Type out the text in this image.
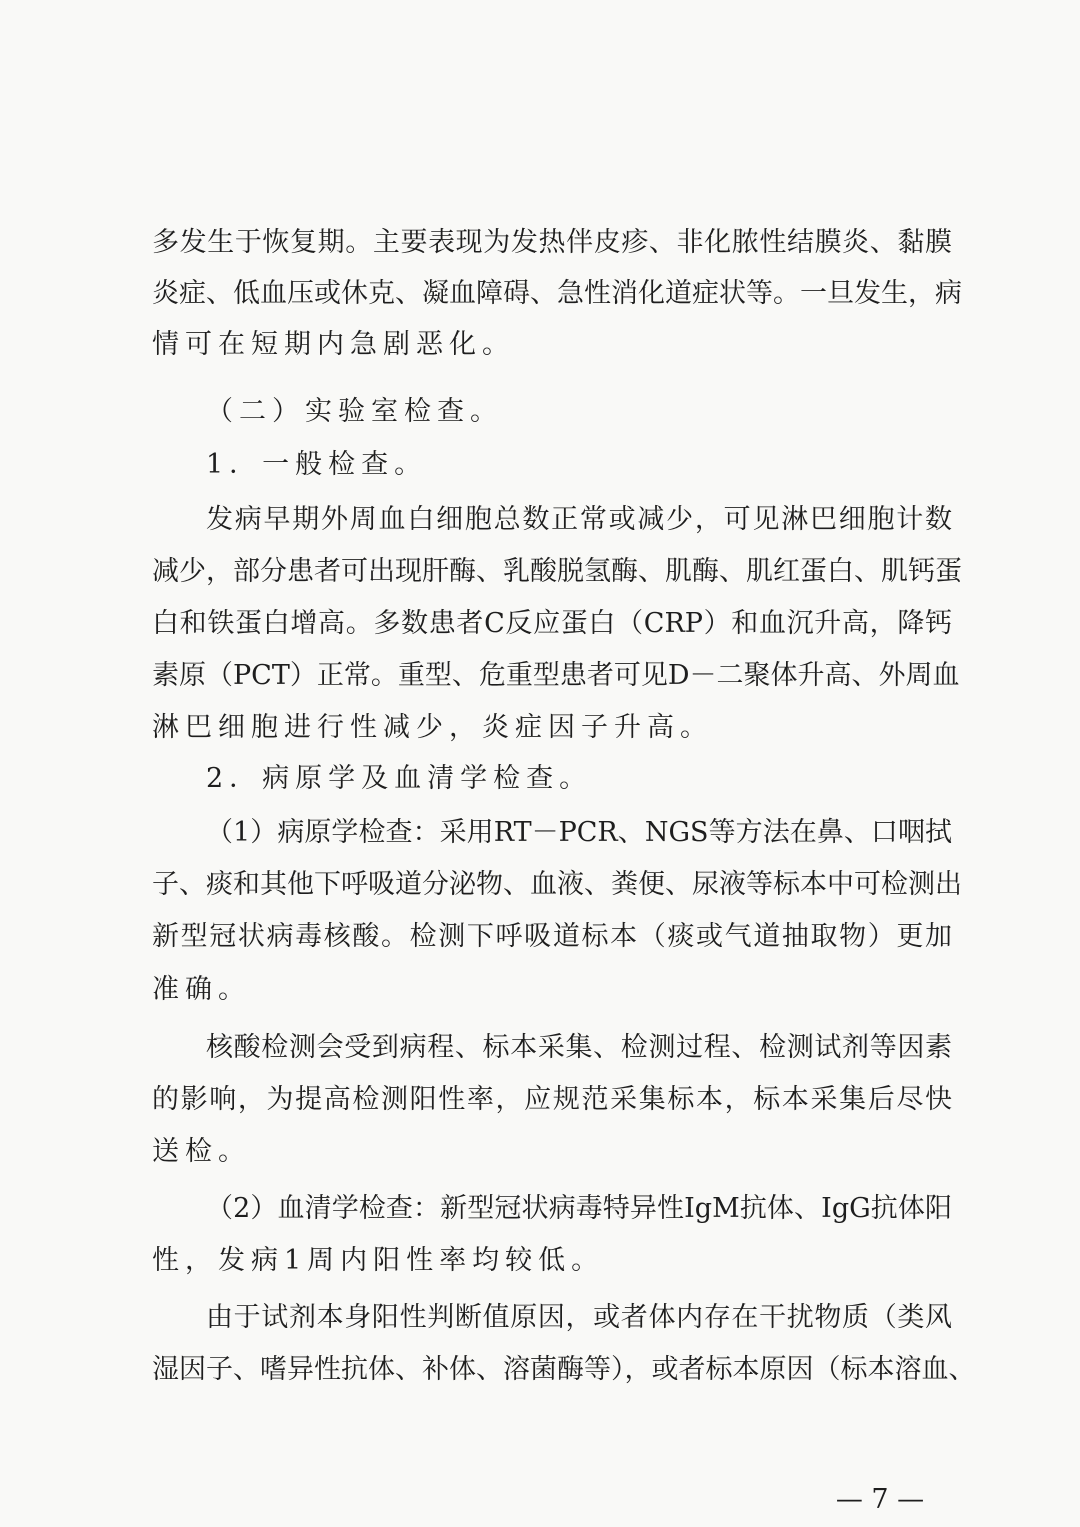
多发生于恢复期。主要表现为发热伴皮疹、非化脓性结膜炎、黏膜
炎症、低血压或休克、凝血障碍、急性消化道症状等。一旦发生，病
情可在短期内急剧恶化。
（二）实验室检查。
1．一般检查。
发病早期外周血白细胞总数正常或减少，可见淋巴细胞计数
减少，部分患者可出现肝酶、乳酸脱氢酶、肌酶、肌红蛋白、肌钙蛋
白和铁蛋白增高。多数患者C反应蛋白（CRP）和血沉升高，降钙
素原（PCT）正常。重型、危重型患者可见D－二聚体升高、外周血
淋巴细胞进行性减少，炎症因子升高。
2．病原学及血清学检查。
（1）病原学检查：采用RT－PCR、NGS等方法在鼻、口咽拭
子、痰和其他下呼吸道分泌物、血液、粪便、尿液等标本中可检测出
新型冠状病毒核酸。检测下呼吸道标本（痰或气道抽取物）更加
准确。
核酸检测会受到病程、标本采集、检测过程、检测试剂等因素
的影响，为提高检测阳性率，应规范采集标本，标本采集后尽快
送检。
（2）血清学检查：新型冠状病毒特异性IgM抗体、IgG抗体阳
性，发病1周内阳性率均较低。
由于试剂本身阳性判断值原因，或者体内存在干扰物质（类风
湿因子、嗜异性抗体、补体、溶菌酶等），或者标本原因（标本溶血、
— 7 —
